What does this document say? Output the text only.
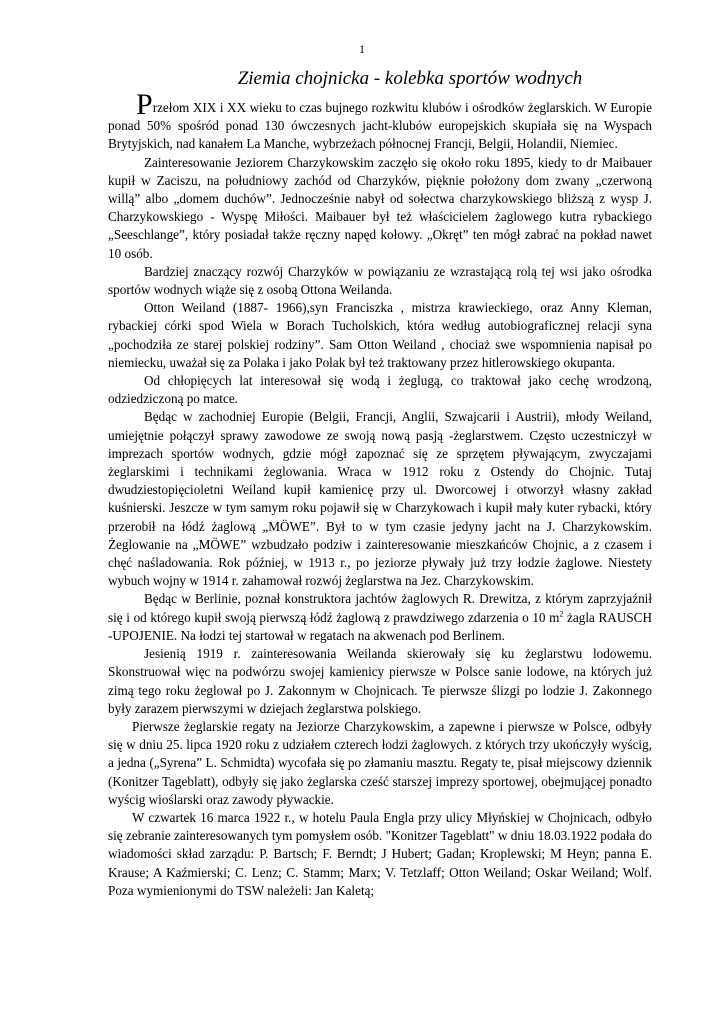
1
Ziemia chojnicka - kolebka sportów wodnych

Przełom XIX i XX wieku to czas bujnego rozkwitu klubów i ośrodków żeglarskich. W Europie ponad 50% spośród ponad 130 ówczesnych jacht-klubów europejskich skupiała się na Wyspach Brytyjskich, nad kanałem La Manche, wybrzeżach północnej Francji, Belgii, Holandii, Niemiec.

Zainteresowanie Jeziorem Charzykowskim zaczęło się około roku 1895, kiedy to dr Maibauer kupił w Zaciszu, na południowy zachód od Charzyków, pięknie położony dom zwany „czerwoną willą” albo „domem duchów”. Jednocześnie nabył od sołectwa charzykowskiego bliższą z wysp J. Charzykowskiego - Wyspę Miłości. Maibauer był też właścicielem żaglowego kutra rybackiego „Seeschlange”, który posiadał także ręczny napęd kołowy. „Okręt” ten mógł zabrać na pokład nawet 10 osób.

Bardziej znaczący rozwój Charzyków w powiązaniu ze wzrastającą rolą tej wsi jako ośrodka sportów wodnych wiąże się z osobą Ottona Weilanda.

Otton Weiland (1887- 1966),syn Franciszka , mistrza krawieckiego, oraz Anny Kleman, rybackiej córki spod Wiela w Borach Tucholskich, która według autobiograficznej relacji syna „pochodziła ze starej polskiej rodziny”. Sam Otton Weiland , chociaż swe wspomnienia napisał po niemiecku, uważał się za Polaka i jako Polak był też traktowany przez hitlerowskiego okupanta.

Od chłopięcych lat interesował się wodą i żeglugą, co traktował jako cechę wrodzoną, odziedziczoną po matce.

Będąc w zachodniej Europie (Belgii, Francji, Anglii, Szwajcarii i Austrii), młody Weiland, umiejętnie połączył sprawy zawodowe ze swoją nową pasją -żeglarstwem. Często uczestniczył w imprezach sportów wodnych, gdzie mógł zapoznać się ze sprzętem pływającym, zwyczajami żeglarskimi i technikami żeglowania. Wraca w 1912 roku z Ostendy do Chojnic. Tutaj dwudziestopięcioletni Weiland kupił kamienicę przy ul. Dworcowej i otworzył własny zakład kuśnierski. Jeszcze w tym samym roku pojawił się w Charzykowach i kupił mały kuter rybacki, który przerobił na łódź żaglową „MÖWE”. Był to w tym czasie jedyny jacht na J. Charzykowskim. Żeglowanie na „MÖWE” wzbudzało podziw i zainteresowanie mieszkańców Chojnic, a z czasem i chęć naśladowania. Rok później, w 1913 r., po jeziorze pływały już trzy łodzie żaglowe. Niestety wybuch wojny w 1914 r. zahamował rozwój żeglarstwa na Jez. Charzykowskim.

Będąc w Berlinie, poznał konstruktora jachtów żaglowych R. Drewitza, z którym zaprzyjaźnił się i od którego kupił swoją pierwszą łódź żaglową z prawdziwego zdarzenia o 10 $m^2$ żagla RAUSCH -UPOJENIE. Na łodzi tej startował w regatach na akwenach pod Berlinem.

Jesienią 1919 r. zainteresowania Weilanda skierowały się ku żeglarstwu lodowemu. Skonstruował więc na podwórzu swojej kamienicy pierwsze w Polsce sanie lodowe, na których już zimą tego roku żeglował po J. Zakonnym w Chojnicach. Te pierwsze ślizgi po lodzie J. Zakonnego były zarazem pierwszymi w dziejach żeglarstwa polskiego.

Pierwsze żeglarskie regaty na Jeziorze Charzykowskim, a zapewne i pierwsze w Polsce, odbyły się w dniu 25. lipca 1920 roku z udziałem czterech łodzi żaglowych. z których trzy ukończyły wyścig, a jedna („Syrena” L. Schmidta) wycofała się po złamaniu masztu. Regaty te, pisał miejscowy dziennik (Konitzer Tageblatt), odbyły się jako żeglarska cześć starszej imprezy sportowej, obejmującej ponadto wyścig wioślarski oraz zawody pływackie.

W czwartek 16 marca 1922 r., w hotelu Paula Engla przy ulicy Młyńskiej w Chojnicach, odbyło się zebranie zainteresowanych tym pomysłem osób. "Konitzer Tageblatt" w dniu 18.03.1922 podała do wiadomości skład zarządu: P. Bartsch; F. Berndt; J Hubert; Gadan; Kroplewski; M Heyn; panna E. Krause; A Kaźmierski; C. Lenz; C. Stamm; Marx; V. Tetzlaff; Otton Weiland; Oskar Weiland; Wolf. Poza wymienionymi do TSW należeli: Jan Kaletą;
